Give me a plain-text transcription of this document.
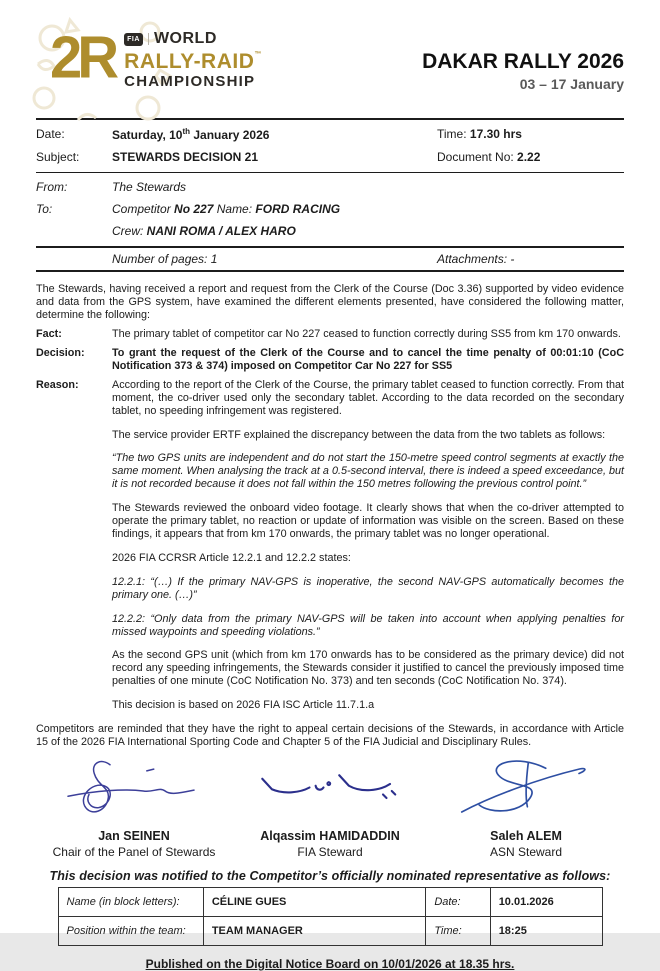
2R	FIA WORLD
RALLY-RAID™
CHAMPIONSHIP
DAKAR RALLY 2026
03 – 17 January
Date:	Saturday, 10th January 2026	Time: 17.30 hrs
Subject:	STEWARDS DECISION 21	Document No: 2.22
From:	The Stewards
To:	Competitor No 227 Name: FORD RACING
Crew: NANI ROMA / ALEX HARO
Number of pages: 1	Attachments: -

The Stewards, having received a report and request from the Clerk of the Course (Doc 3.36) supported by video evidence and data from the GPS system, have examined the different elements presented, have considered the following matter, determine the following:

Fact:	The primary tablet of competitor car No 227 ceased to function correctly during SS5 from km 170 onwards.
Decision:	To grant the request of the Clerk of the Course and to cancel the time penalty of 00:01:10 (CoC Notification 373 & 374) imposed on Competitor Car No 227 for SS5
Reason:	According to the report of the Clerk of the Course, the primary tablet ceased to function correctly. From that moment, the co-driver used only the secondary tablet. According to the data recorded on the secondary tablet, no speeding infringement was registered.

The service provider ERTF explained the discrepancy between the data from the two tablets as follows:

“The two GPS units are independent and do not start the 150-metre speed control segments at exactly the same moment. When analysing the track at a 0.5-second interval, there is indeed a speed exceedance, but it is not recorded because it does not fall within the 150 metres following the previous control point.”

The Stewards reviewed the onboard video footage. It clearly shows that when the co-driver attempted to operate the primary tablet, no reaction or update of information was visible on the screen. Based on these findings, it appears that from km 170 onwards, the primary tablet was no longer operational.

2026 FIA CCRSR Article 12.2.1 and 12.2.2 states:

12.2.1: “(…) If the primary NAV-GPS is inoperative, the second NAV-GPS automatically becomes the primary one. (…)”

12.2.2: “Only data from the primary NAV-GPS will be taken into account when applying penalties for missed waypoints and speeding violations.”

As the second GPS unit (which from km 170 onwards has to be considered as the primary device) did not record any speeding infringements, the Stewards consider it justified to cancel the previously imposed time penalties of one minute (CoC Notification No. 373) and ten seconds (CoC Notification No. 374).

This decision is based on 2026 FIA ISC Article 11.7.1.a

Competitors are reminded that they have the right to appeal certain decisions of the Stewards, in accordance with Article 15 of the 2026 FIA International Sporting Code and Chapter 5 of the FIA Judicial and Disciplinary Rules.

Jan SEINEN
Chair of the Panel of Stewards
Alqassim HAMIDADDIN
FIA Steward
Saleh ALEM
ASN Steward
This decision was notified to the Competitor’s officially nominated representative as follows:
Name (in block letters):	CÉLINE GUES	Date:	10.01.2026
Position within the team:	TEAM MANAGER	Time:	18:25
Published on the Digital Notice Board on 10/01/2026 at 18.35 hrs.
